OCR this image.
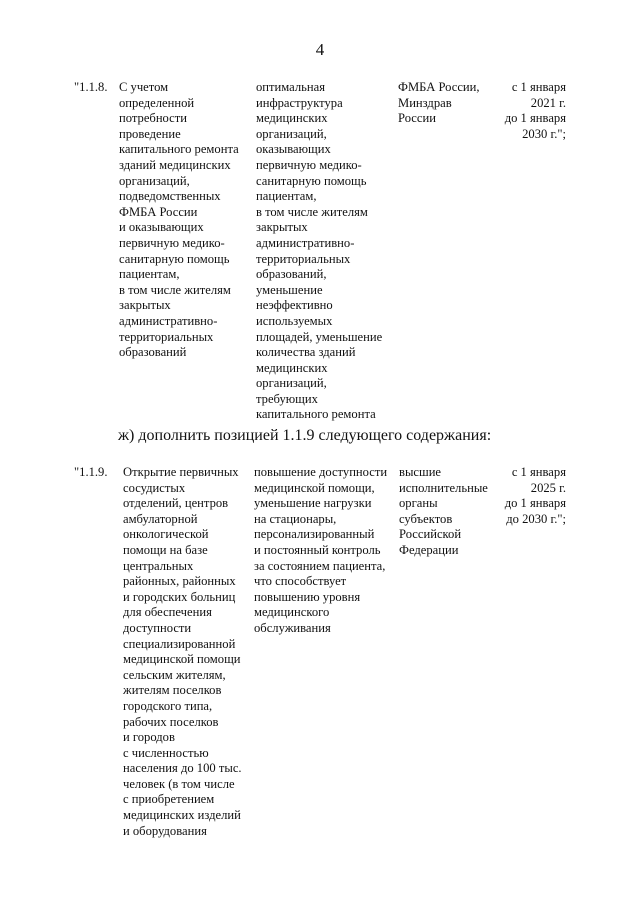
4
"1.1.8. С учетом
определенной
потребности
проведение
капитального ремонта
зданий медицинских
организаций,
подведомственных
ФМБА России
и оказывающих
первичную медико-
санитарную помощь
пациентам,
в том числе жителям
закрытых
административно-
территориальных
образований
оптимальная
инфраструктура
медицинских
организаций,
оказывающих
первичную медико-
санитарную помощь
пациентам,
в том числе жителям
закрытых
административно-
территориальных
образований,
уменьшение
неэффективно
используемых
площадей, уменьшение
количества зданий
медицинских
организаций,
требующих
капитального ремонта
ФМБА России,
Минздрав
России
с 1 января
2021 г.
до 1 января
2030 г.";
ж) дополнить позицией 1.1.9 следующего содержания:
"1.1.9. Открытие первичных
сосудистых
отделений, центров
амбулаторной
онкологической
помощи на базе
центральных
районных, районных
и городских больниц
для обеспечения
доступности
специализированной
медицинской помощи
сельским жителям,
жителям поселков
городского типа,
рабочих поселков
и городов
с численностью
населения до 100 тыс.
человек (в том числе
с приобретением
медицинских изделий
и оборудования
повышение доступности
медицинской помощи,
уменьшение нагрузки
на стационары,
персонализированный
и постоянный контроль
за состоянием пациента,
что способствует
повышению уровня
медицинского
обслуживания
высшие
исполнительные
органы
субъектов
Российской
Федерации
с 1 января
2025 г.
до 1 января
до 2030 г.";
